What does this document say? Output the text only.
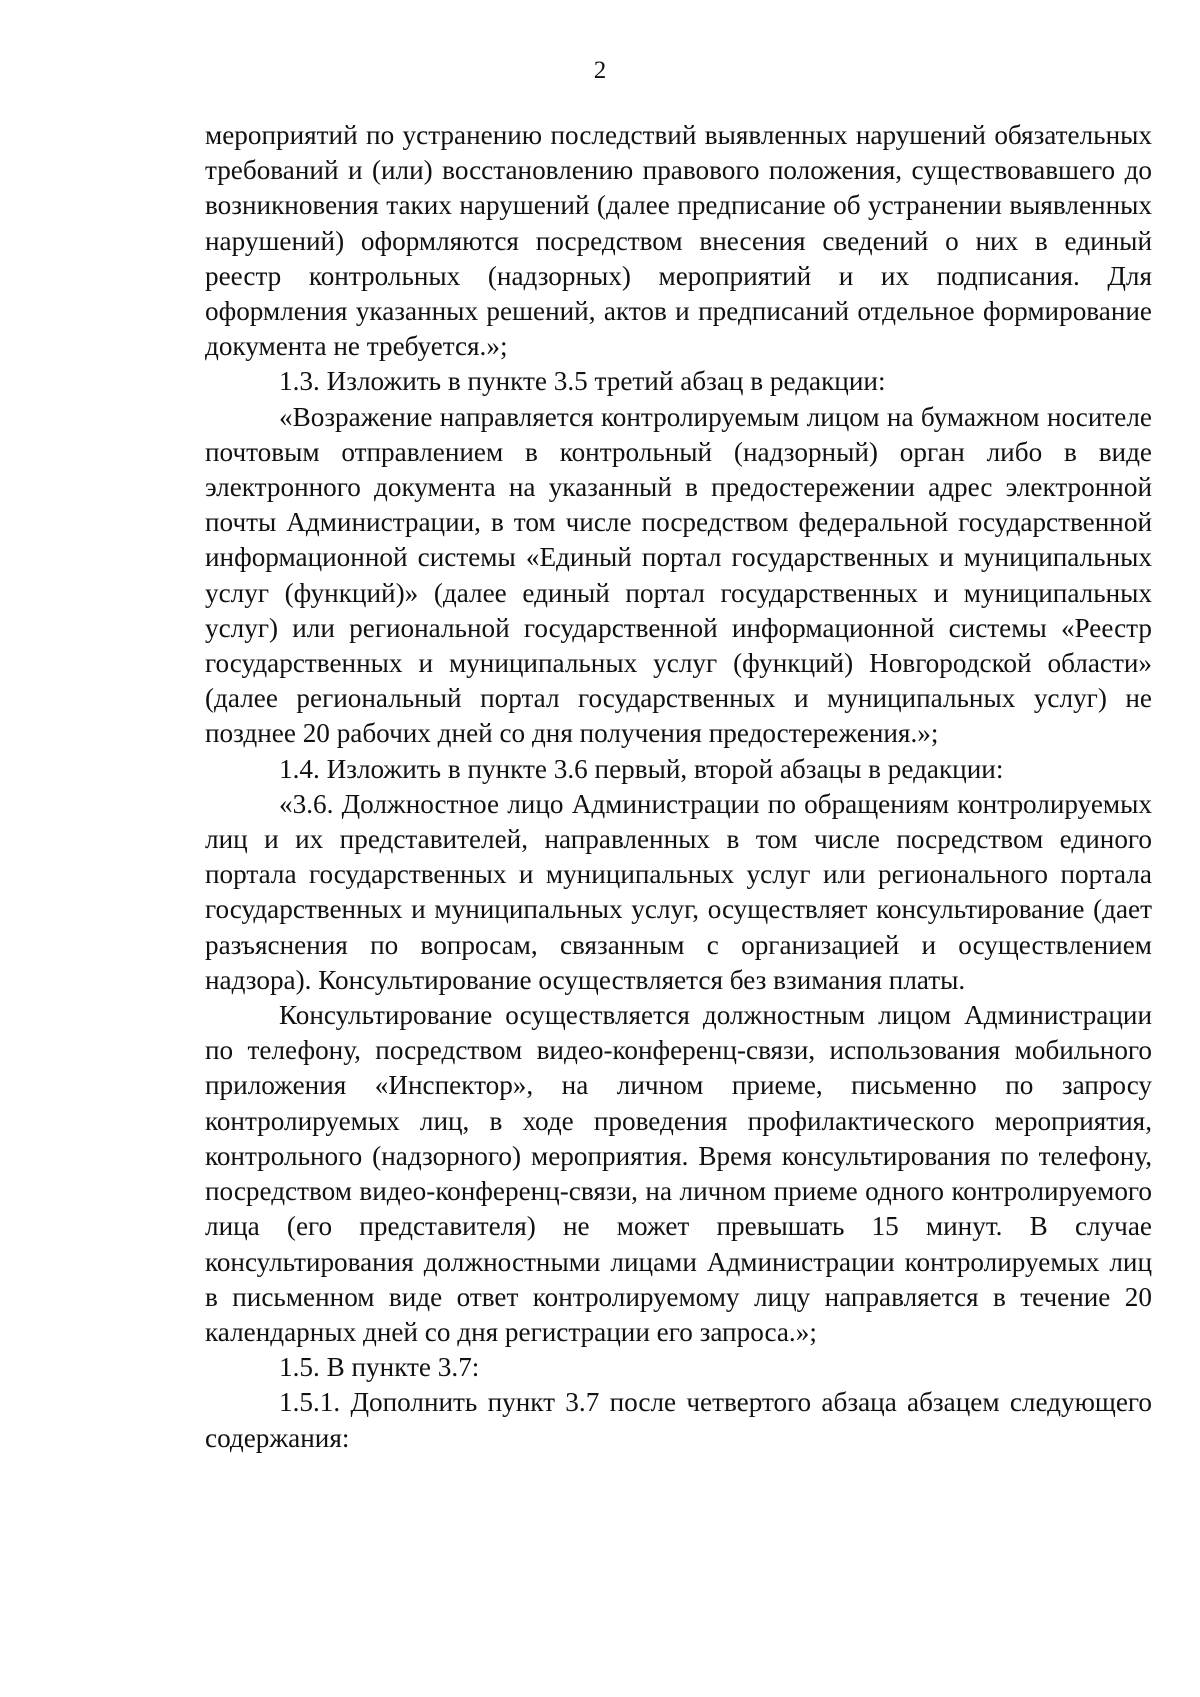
2

мероприятий по устранению последствий выявленных нарушений обязательных требований и (или) восстановлению правового положения, существовавшего до возникновения таких нарушений (далее предписание об устранении выявленных нарушений) оформляются посредством внесения сведений о них в единый реестр контрольных (надзорных) мероприятий и их подписания. Для оформления указанных решений, актов и предписаний отдельное формирование документа не требуется.»;

1.3. Изложить в пункте 3.5 третий абзац в редакции:

«Возражение направляется контролируемым лицом на бумажном носителе почтовым отправлением в контрольный (надзорный) орган либо в виде электронного документа на указанный в предостережении адрес электронной почты Администрации, в том числе посредством федеральной государственной информационной системы «Единый портал государственных и муниципальных услуг (функций)» (далее единый портал государственных и муниципальных услуг) или региональной государственной информационной системы «Реестр государственных и муниципальных услуг (функций) Новгородской области» (далее региональный портал государственных и муниципальных услуг) не позднее 20 рабочих дней со дня получения предостережения.»;

1.4. Изложить в пункте 3.6 первый, второй абзацы в редакции:

«3.6. Должностное лицо Администрации по обращениям контролируемых лиц и их представителей, направленных в том числе посредством единого портала государственных и муниципальных услуг или регионального портала государственных и муниципальных услуг, осуществляет консультирование (дает разъяснения по вопросам, связанным с организацией и осуществлением надзора). Консультирование осуществляется без взимания платы.

Консультирование осуществляется должностным лицом Администрации по телефону, посредством видео-конференц-связи, использования мобильного приложения «Инспектор», на личном приеме, письменно по запросу контролируемых лиц, в ходе проведения профилактического мероприятия, контрольного (надзорного) мероприятия. Время консультирования по телефону, посредством видео-конференц-связи, на личном приеме одного контролируемого лица (его представителя) не может превышать 15 минут. В случае консультирования должностными лицами Администрации контролируемых лиц в письменном виде ответ контролируемому лицу направляется в течение 20 календарных дней со дня регистрации его запроса.»;

1.5. В пункте 3.7:

1.5.1. Дополнить пункт 3.7 после четвертого абзаца абзацем следующего содержания:
